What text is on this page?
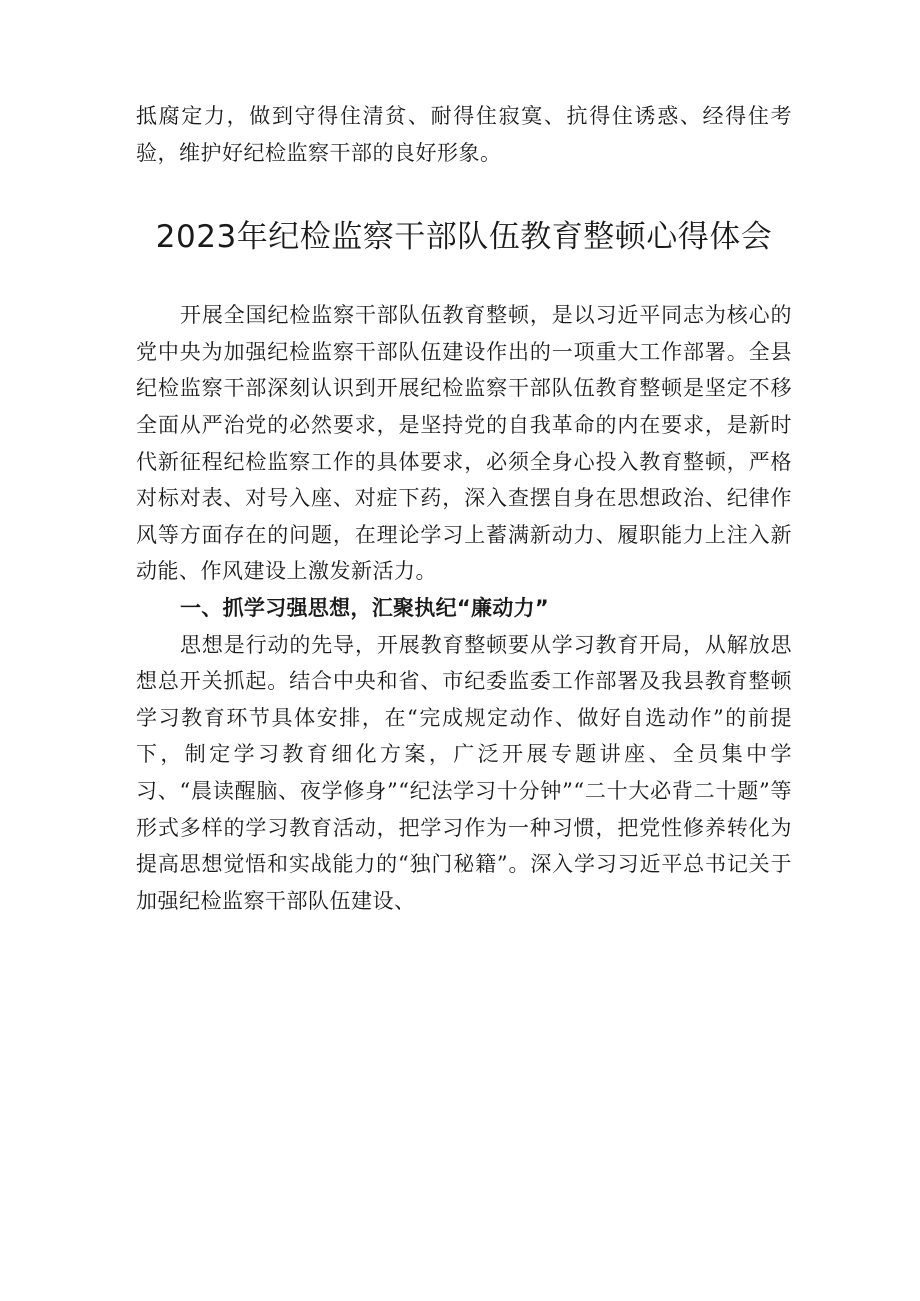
抵腐定力，做到守得住清贫、耐得住寂寞、抗得住诱惑、经得住考验，维护好纪检监察干部的良好形象。

2023年纪检监察干部队伍教育整顿心得体会

开展全国纪检监察干部队伍教育整顿，是以习近平同志为核心的党中央为加强纪检监察干部队伍建设作出的一项重大工作部署。全县纪检监察干部深刻认识到开展纪检监察干部队伍教育整顿是坚定不移全面从严治党的必然要求，是坚持党的自我革命的内在要求，是新时代新征程纪检监察工作的具体要求，必须全身心投入教育整顿，严格对标对表、对号入座、对症下药，深入查摆自身在思想政治、纪律作风等方面存在的问题，在理论学习上蓄满新动力、履职能力上注入新动能、作风建设上激发新活力。

一、抓学习强思想，汇聚执纪“廉动力”

思想是行动的先导，开展教育整顿要从学习教育开局，从解放思想总开关抓起。结合中央和省、市纪委监委工作部署及我县教育整顿学习教育环节具体安排，在“完成规定动作、做好自选动作”的前提下，制定学习教育细化方案，广泛开展专题讲座、全员集中学习、“晨读醒脑、夜学修身”“纪法学习十分钟”“二十大必背二十题”等形式多样的学习教育活动，把学习作为一种习惯，把党性修养转化为提高思想觉悟和实战能力的“独门秘籍”。深入学习习近平总书记关于加强纪检监察干部队伍建设、
